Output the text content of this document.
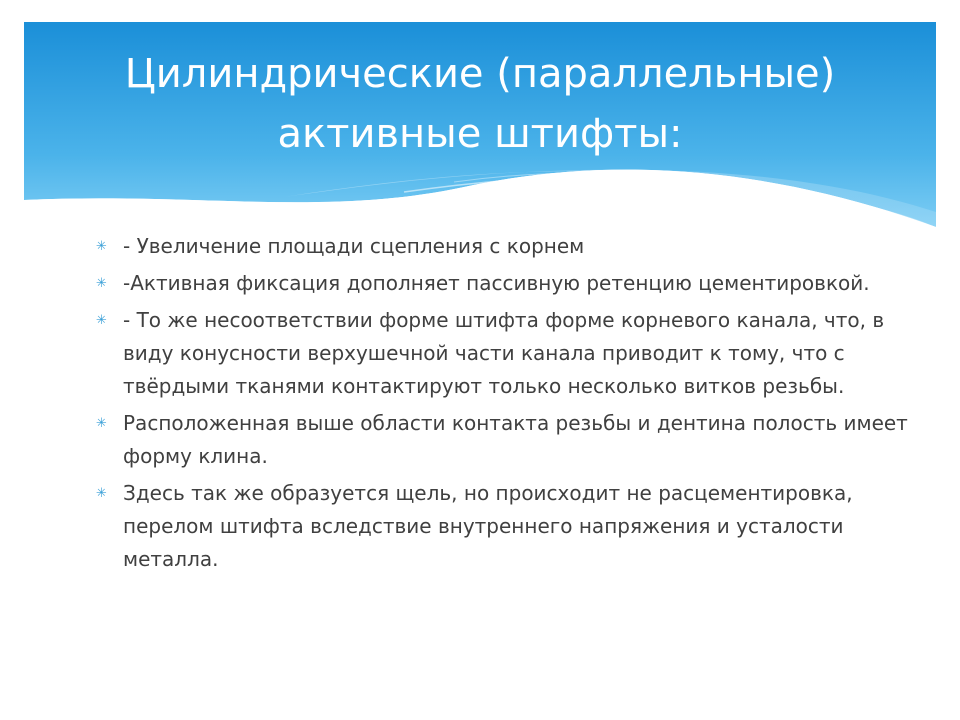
Цилиндрические (параллельные)
активные штифты:
✳ - Увеличение площади сцепления с корнем
✳ -Активная фиксация дополняет пассивную ретенцию цементировкой.
✳ - То же несоответствии форме штифта форме корневого канала, что, в виду конусности верхушечной части канала приводит к тому, что с твёрдыми тканями контактируют только несколько витков резьбы.
✳ Расположенная выше области контакта резьбы и дентина полость имеет форму клина.
✳ Здесь так же образуется щель, но происходит не расцементировка, перелом штифта вследствие внутреннего напряжения и усталости металла.
